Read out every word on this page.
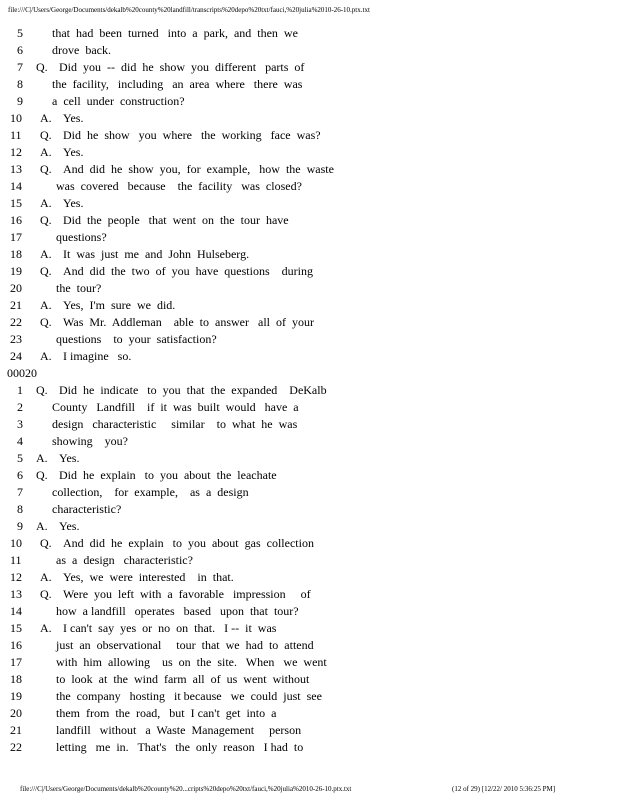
file:///C|/Users/George/Documents/dekalb%20county%20landfill/transcripts%20depo%20txt/fauci,%20julia%2010-26-10.ptx.txt
5 that  had  been  turned   into  a  park,  and  then  we
6 drove  back.
7 Q. Did  you  --  did  he  show  you  different   parts  of
8 the  facility,   including   an  area  where   there  was
9 a  cell  under  construction?
10 A. Yes.
11 Q. Did  he  show   you  where   the  working   face  was?
12 A. Yes.
13 Q. And  did  he  show  you,  for  example,   how  the  waste
14	was  covered   because    the  facility   was  closed?
15 A. Yes.
16 Q. Did  the  people   that  went  on  the  tour  have
17	questions?
18 A. It  was  just  me  and  John  Hulseberg.
19 Q. And  did  the  two  of  you  have  questions    during
20	the  tour?
21 A. Yes,  I'm  sure  we  did.
22 Q. Was  Mr.  Addleman    able  to  answer   all  of  your
23	questions    to  your  satisfaction?
24 A. I imagine   so.
00020
1 Q. Did  he  indicate   to  you  that  the  expanded    DeKalb
2 County   Landfill    if  it  was  built  would   have  a
3 design   characteristic     similar    to  what  he  was
4 showing    you?
5 A. Yes.
6 Q. Did  he  explain   to  you  about  the  leachate
7 collection,    for  example,    as  a  design
8 characteristic?
9 A. Yes.
10 Q. And  did  he  explain   to  you  about  gas  collection
11	as  a  design   characteristic?
12 A. Yes,  we  were  interested    in  that.
13 Q. Were  you  left  with  a  favorable   impression     of
14	how  a landfill   operates   based   upon  that  tour?
15 A. I can't  say  yes  or  no  on  that.   I --  it  was
16	just  an  observational     tour  that  we  had  to  attend
17	with  him  allowing    us  on  the  site.   When   we  went
18	to  look  at  the  wind  farm  all  of  us  went  without
19	the  company   hosting   it because   we  could  just  see
20	them  from  the  road,   but  I can't  get  into  a
21	landfill   without   a  Waste  Management     person
22	letting   me  in.   That's   the  only  reason   I had  to
file:///C|/Users/George/Documents/dekalb%20county%20...cripts%20depo%20txt/fauci,%20julia%2010-26-10.ptx.txt	(12 of 29) [12/22/ 2010 5:36:25 PM]
